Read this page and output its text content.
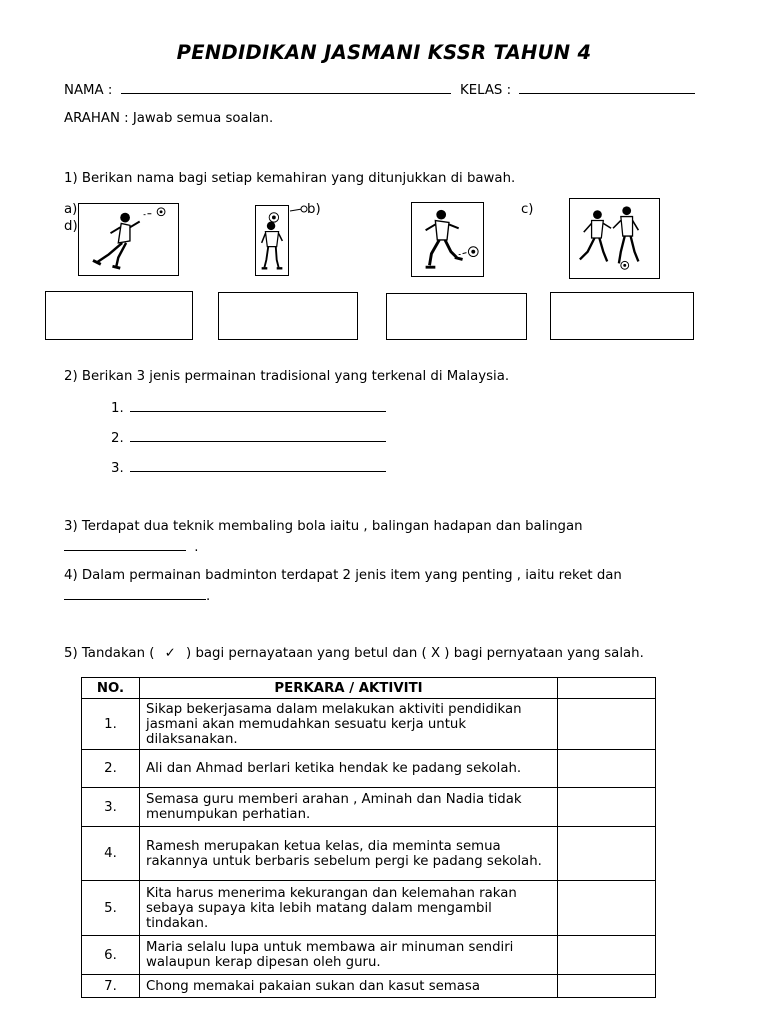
PENDIDIKAN JASMANI KSSR TAHUN 4
NAMA :	KELAS :
ARAHAN : Jawab semua soalan.
1) Berikan nama bagi setiap kemahiran yang ditunjukkan di bawah.
a)	b)	c)
d)
2) Berikan 3 jenis permainan tradisional yang terkenal di Malaysia.
1.
2.
3.
3) Terdapat dua teknik membaling bola iaitu , balingan hadapan dan balingan
.
4) Dalam permainan badminton terdapat 2 jenis item yang penting , iaitu reket dan
.
5) Tandakan ( ✓ ) bagi pernayataan yang betul dan ( X ) bagi pernyataan yang salah.
NO.	PERKARA / AKTIVITI	
1.	Sikap bekerjasama dalam melakukan aktiviti pendidikan jasmani akan memudahkan sesuatu kerja untuk dilaksanakan.	
2.	Ali dan Ahmad berlari ketika hendak ke padang sekolah.	
3.	Semasa guru memberi arahan , Aminah dan Nadia tidak menumpukan perhatian.	
4.	Ramesh merupakan ketua kelas, dia meminta semua rakannya untuk berbaris sebelum pergi ke padang sekolah.	
5.	Kita harus menerima kekurangan dan kelemahan rakan sebaya supaya kita lebih matang dalam mengambil tindakan.	
6.	Maria selalu lupa untuk membawa air minuman sendiri walaupun kerap dipesan oleh guru.	
7.	Chong memakai pakaian sukan dan kasut semasa	
